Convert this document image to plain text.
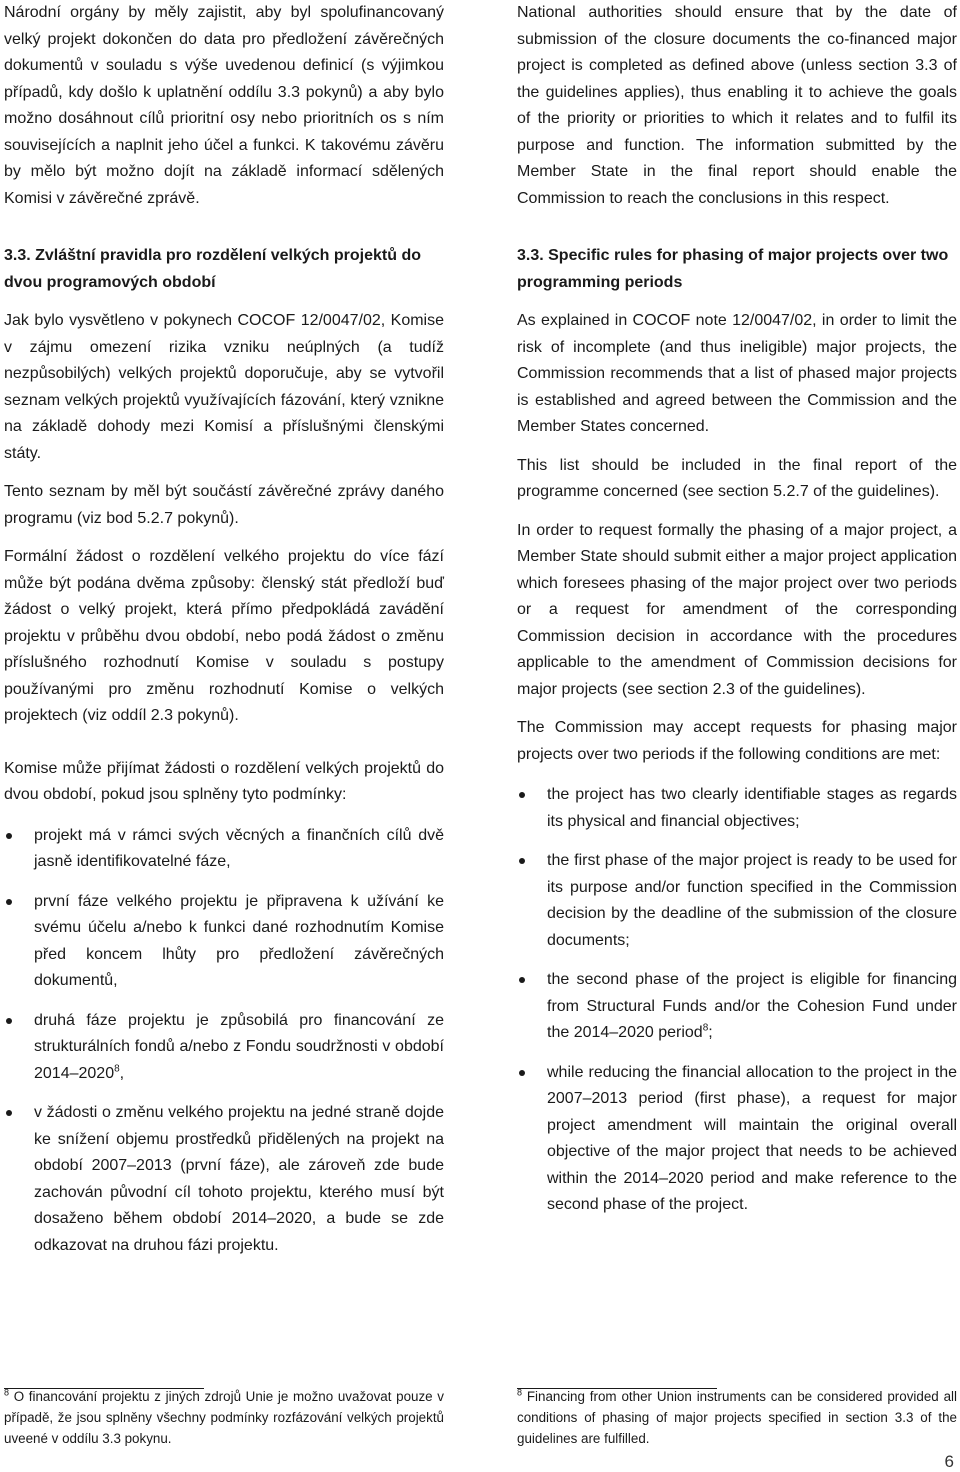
Národní orgány by měly zajistit, aby byl spolufinancovaný velký projekt dokončen do data pro předložení závěrečných dokumentů v souladu s výše uvedenou definicí (s výjimkou případů, kdy došlo k uplatnění oddílu 3.3 pokynů) a aby bylo možno dosáhnout cílů prioritní osy nebo prioritních os s ním souvisejících a naplnit jeho účel a funkci. K takovému závěru by mělo být možno dojít na základě informací sdělených Komisi v závěrečné zprávě.

3.3. Zvláštní pravidla pro rozdělení velkých projektů do dvou programových období

Jak bylo vysvětleno v pokynech COCOF 12/0047/02, Komise v zájmu omezení rizika vzniku neúplných (a tudíž nezpůsobilých) velkých projektů doporučuje, aby se vytvořil seznam velkých projektů využívajících fázování, který vznikne na základě dohody mezi Komisí a příslušnými členskými státy.

Tento seznam by měl být součástí závěrečné zprávy daného programu (viz bod 5.2.7 pokynů).

Formální žádost o rozdělení velkého projektu do více fází může být podána dvěma způsoby: členský stát předloží buď žádost o velký projekt, která přímo předpokládá zavádění projektu v průběhu dvou období, nebo podá žádost o změnu příslušného rozhodnutí Komise v souladu s postupy používanými pro změnu rozhodnutí Komise o velkých projektech (viz oddíl 2.3 pokynů).

Komise může přijímat žádosti o rozdělení velkých projektů do dvou období, pokud jsou splněny tyto podmínky:

projekt má v rámci svých věcných a finančních cílů dvě jasně identifikovatelné fáze,
první fáze velkého projektu je připravena k užívání ke svému účelu a/nebo k funkci dané rozhodnutím Komise před koncem lhůty pro předložení závěrečných dokumentů,
druhá fáze projektu je způsobilá pro financování ze strukturálních fondů a/nebo z Fondu soudržnosti v období 2014–2020$^8$,
v žádosti o změnu velkého projektu na jedné straně dojde ke snížení objemu prostředků přidělených na projekt na období 2007–2013 (první fáze), ale zároveň zde bude zachován původní cíl tohoto projektu, kterého musí být dosaženo během období 2014–2020, a bude se zde odkazovat na druhou fázi projektu.

National authorities should ensure that by the date of submission of the closure documents the co-financed major project is completed as defined above (unless section 3.3 of the guidelines applies), thus enabling it to achieve the goals of the priority or priorities to which it relates and to fulfil its purpose and function. The information submitted by the Member State in the final report should enable the Commission to reach the conclusions in this respect.

3.3. Specific rules for phasing of major projects over two programming periods

As explained in COCOF note 12/0047/02, in order to limit the risk of incomplete (and thus ineligible) major projects, the Commission recommends that a list of phased major projects is established and agreed between the Commission and the Member States concerned.

This list should be included in the final report of the programme concerned (see section 5.2.7 of the guidelines).

In order to request formally the phasing of a major project, a Member State should submit either a major project application which foresees phasing of the major project over two periods or a request for amendment of the corresponding Commission decision in accordance with the procedures applicable to the amendment of Commission decisions for major projects (see section 2.3 of the guidelines).

The Commission may accept requests for phasing major projects over two periods if the following conditions are met:

the project has two clearly identifiable stages as regards its physical and financial objectives;
the first phase of the major project is ready to be used for its purpose and/or function specified in the Commission decision by the deadline of the submission of the closure documents;
the second phase of the project is eligible for financing from Structural Funds and/or the Cohesion Fund under the 2014–2020 period$^8$;
while reducing the financial allocation to the project in the 2007–2013 period (first phase), a request for major project amendment will maintain the original overall objective of the major project that needs to be achieved within the 2014–2020 period and make reference to the second phase of the project.

$^8$ O financování projektu z jiných zdrojů Unie je možno uvažovat pouze v případě, že jsou splněny všechny podmínky rozfázování velkých projektů uveené v oddílu 3.3 pokynu.

$^8$ Financing from other Union instruments can be considered provided all conditions of phasing of major projects specified in section 3.3 of the guidelines are fulfilled.

6
